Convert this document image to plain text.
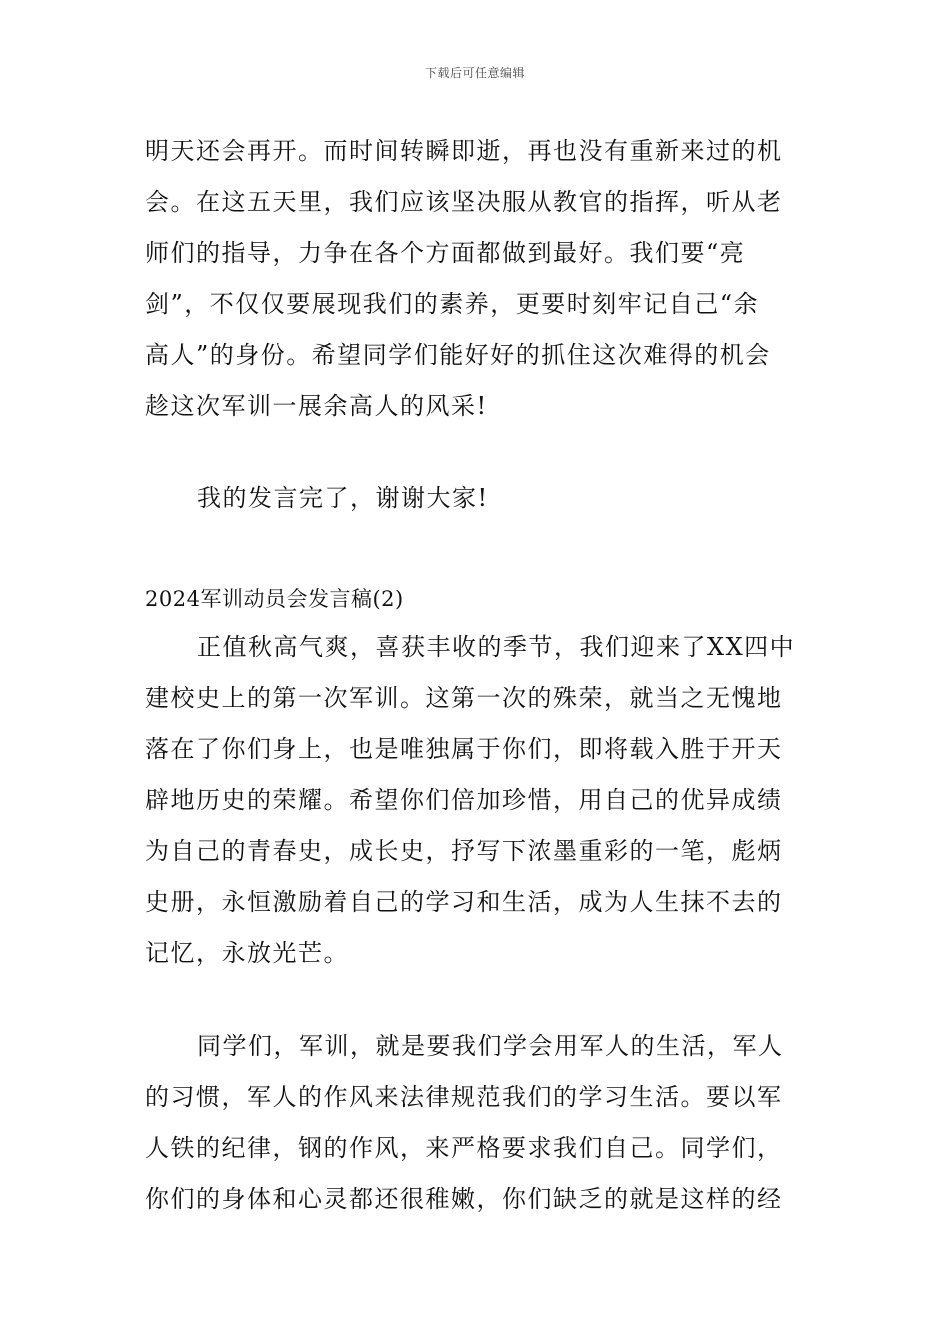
下载后可任意编辑
明天还会再开。而时间转瞬即逝，再也没有重新来过的机
会。在这五天里，我们应该坚决服从教官的指挥，听从老
师们的指导，力争在各个方面都做到最好。我们要“亮
剑”，不仅仅要展现我们的素养，更要时刻牢记自己“余
高人”的身份。希望同学们能好好的抓住这次难得的机会
趁这次军训一展余高人的风采!
我的发言完了，谢谢大家!
2024军训动员会发言稿(2)
正值秋高气爽，喜获丰收的季节，我们迎来了XX四中
建校史上的第一次军训。这第一次的殊荣，就当之无愧地
落在了你们身上，也是唯独属于你们，即将载入胜于开天
辟地历史的荣耀。希望你们倍加珍惜，用自己的优异成绩
为自己的青春史，成长史，抒写下浓墨重彩的一笔，彪炳
史册，永恒激励着自己的学习和生活，成为人生抹不去的
记忆，永放光芒。
同学们，军训，就是要我们学会用军人的生活，军人
的习惯，军人的作风来法律规范我们的学习生活。要以军
人铁的纪律，钢的作风，来严格要求我们自己。同学们，
你们的身体和心灵都还很稚嫩，你们缺乏的就是这样的经
